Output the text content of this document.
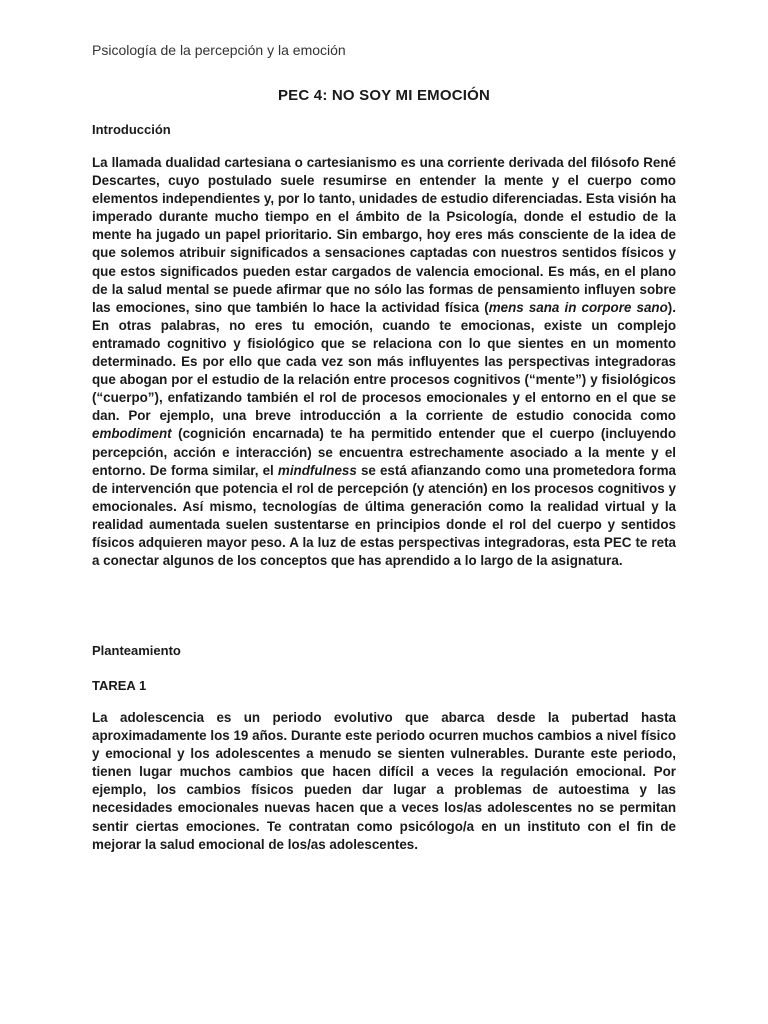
Psicología de la percepción y la emoción
PEC 4: NO SOY MI EMOCIÓN
Introducción

La llamada dualidad cartesiana o cartesianismo es una corriente derivada del filósofo René Descartes, cuyo postulado suele resumirse en entender la mente y el cuerpo como elementos independientes y, por lo tanto, unidades de estudio diferenciadas. Esta visión ha imperado durante mucho tiempo en el ámbito de la Psicología, donde el estudio de la mente ha jugado un papel prioritario. Sin embargo, hoy eres más consciente de la idea de que solemos atribuir significados a sensaciones captadas con nuestros sentidos físicos y que estos significados pueden estar cargados de valencia emocional. Es más, en el plano de la salud mental se puede afirmar que no sólo las formas de pensamiento influyen sobre las emociones, sino que también lo hace la actividad física (mens sana in corpore sano). En otras palabras, no eres tu emoción, cuando te emocionas, existe un complejo entramado cognitivo y fisiológico que se relaciona con lo que sientes en un momento determinado. Es por ello que cada vez son más influyentes las perspectivas integradoras que abogan por el estudio de la relación entre procesos cognitivos (“mente”) y fisiológicos (“cuerpo”), enfatizando también el rol de procesos emocionales y el entorno en el que se dan. Por ejemplo, una breve introducción a la corriente de estudio conocida como embodiment (cognición encarnada) te ha permitido entender que el cuerpo (incluyendo percepción, acción e interacción) se encuentra estrechamente asociado a la mente y el entorno. De forma similar, el mindfulness se está afianzando como una prometedora forma de intervención que potencia el rol de percepción (y atención) en los procesos cognitivos y emocionales. Así mismo, tecnologías de última generación como la realidad virtual y la realidad aumentada suelen sustentarse en principios donde el rol del cuerpo y sentidos físicos adquieren mayor peso. A la luz de estas perspectivas integradoras, esta PEC te reta a conectar algunos de los conceptos que has aprendido a lo largo de la asignatura.

Planteamiento
TAREA 1

La adolescencia es un periodo evolutivo que abarca desde la pubertad hasta aproximadamente los 19 años. Durante este periodo ocurren muchos cambios a nivel físico y emocional y los adolescentes a menudo se sienten vulnerables. Durante este periodo, tienen lugar muchos cambios que hacen difícil a veces la regulación emocional. Por ejemplo, los cambios físicos pueden dar lugar a problemas de autoestima y las necesidades emocionales nuevas hacen que a veces los/as adolescentes no se permitan sentir ciertas emociones. Te contratan como psicólogo/a en un instituto con el fin de mejorar la salud emocional de los/as adolescentes.
